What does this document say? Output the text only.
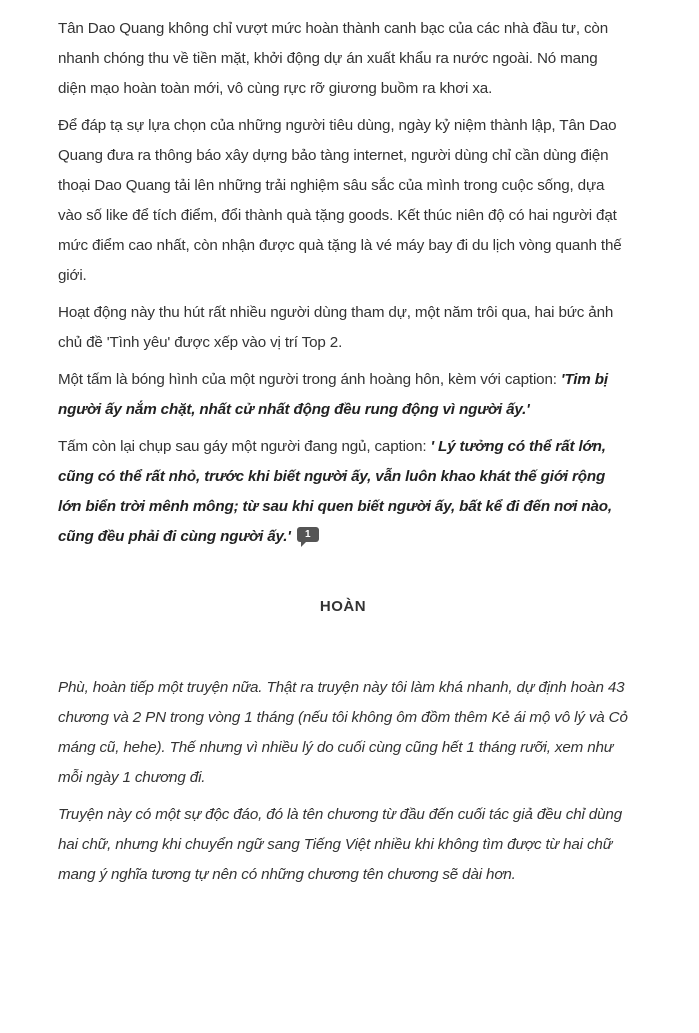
Tân Dao Quang không chỉ vượt mức hoàn thành canh bạc của các nhà đầu tư, còn nhanh chóng thu về tiền mặt, khởi động dự án xuất khẩu ra nước ngoài. Nó mang diện mạo hoàn toàn mới, vô cùng rực rỡ giương buồm ra khơi xa.

Để đáp tạ sự lựa chọn của những người tiêu dùng, ngày kỷ niệm thành lập, Tân Dao Quang đưa ra thông báo xây dựng bảo tàng internet, người dùng chỉ cần dùng điện thoại Dao Quang tải lên những trải nghiệm sâu sắc của mình trong cuộc sống, dựa vào số like để tích điểm, đổi thành quà tặng goods. Kết thúc niên độ có hai người đạt mức điểm cao nhất, còn nhận được quà tặng là vé máy bay đi du lịch vòng quanh thế giới.

Hoạt động này thu hút rất nhiều người dùng tham dự, một năm trôi qua, hai bức ảnh chủ đề 'Tình yêu' được xếp vào vị trí Top 2.

Một tấm là bóng hình của một người trong ánh hoàng hôn, kèm với caption: 'Tim bị người ấy nắm chặt, nhất cử nhất động đều rung động vì người ấy.'

Tấm còn lại chụp sau gáy một người đang ngủ, caption: ' Lý tưởng có thể rất lớn, cũng có thể rất nhỏ, trước khi biết người ấy, vẫn luôn khao khát thế giới rộng lớn biển trời mênh mông; từ sau khi quen biết người ấy, bất kể đi đến nơi nào, cũng đều phải đi cùng người ấy.' 1

HOÀN

Phù, hoàn tiếp một truyện nữa. Thật ra truyện này tôi làm khá nhanh, dự định hoàn 43 chương và 2 PN trong vòng 1 tháng (nếu tôi không ôm đồm thêm Kẻ ái mộ vô lý và Cỏ máng cũ, hehe). Thế nhưng vì nhiều lý do cuối cùng cũng hết 1 tháng rưỡi, xem như mỗi ngày 1 chương đi.

Truyện này có một sự độc đáo, đó là tên chương từ đầu đến cuối tác giả đều chỉ dùng hai chữ, nhưng khi chuyển ngữ sang Tiếng Việt nhiều khi không tìm được từ hai chữ mang ý nghĩa tương tự nên có những chương tên chương sẽ dài hơn.
